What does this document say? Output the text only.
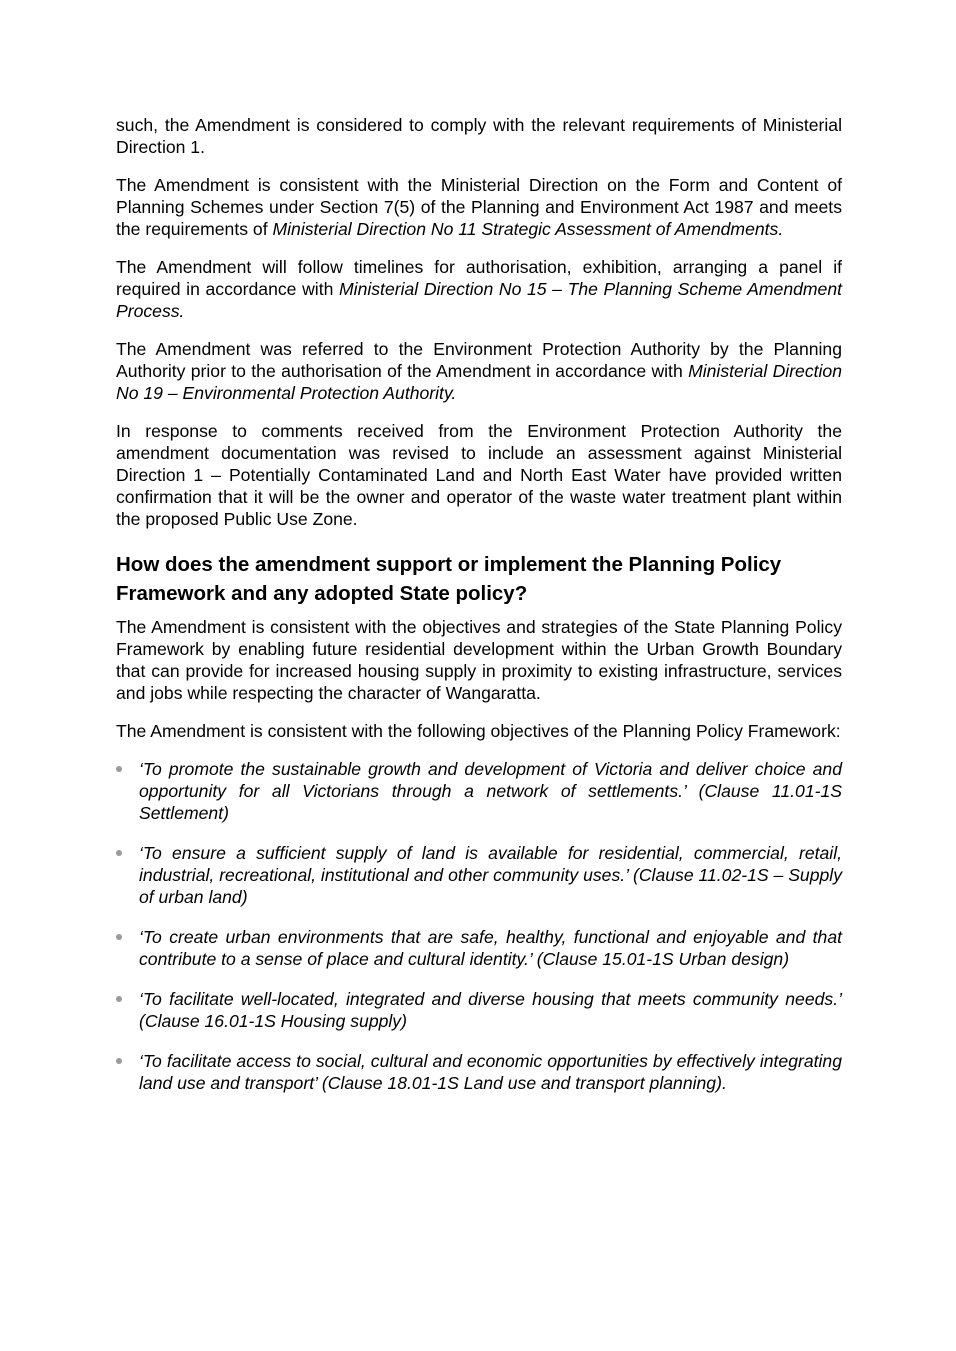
such, the Amendment is considered to comply with the relevant requirements of Ministerial Direction 1.

The Amendment is consistent with the Ministerial Direction on the Form and Content of Planning Schemes under Section 7(5) of the Planning and Environment Act 1987 and meets the requirements of Ministerial Direction No 11 Strategic Assessment of Amendments.

The Amendment will follow timelines for authorisation, exhibition, arranging a panel if required in accordance with Ministerial Direction No 15 – The Planning Scheme Amendment Process.

The Amendment was referred to the Environment Protection Authority by the Planning Authority prior to the authorisation of the Amendment in accordance with Ministerial Direction No 19 – Environmental Protection Authority.

In response to comments received from the Environment Protection Authority the amendment documentation was revised to include an assessment against Ministerial Direction 1 – Potentially Contaminated Land and North East Water have provided written confirmation that it will be the owner and operator of the waste water treatment plant within the proposed Public Use Zone.

How does the amendment support or implement the Planning Policy Framework and any adopted State policy?

The Amendment is consistent with the objectives and strategies of the State Planning Policy Framework by enabling future residential development within the Urban Growth Boundary that can provide for increased housing supply in proximity to existing infrastructure, services and jobs while respecting the character of Wangaratta.

The Amendment is consistent with the following objectives of the Planning Policy Framework:

‘To promote the sustainable growth and development of Victoria and deliver choice and opportunity for all Victorians through a network of settlements.’ (Clause 11.01-1S Settlement)
‘To ensure a sufficient supply of land is available for residential, commercial, retail, industrial, recreational, institutional and other community uses.’ (Clause 11.02-1S – Supply of urban land)
‘To create urban environments that are safe, healthy, functional and enjoyable and that contribute to a sense of place and cultural identity.’ (Clause 15.01-1S Urban design)
‘To facilitate well-located, integrated and diverse housing that meets community needs.’ (Clause 16.01-1S Housing supply)
‘To facilitate access to social, cultural and economic opportunities by effectively integrating land use and transport’ (Clause 18.01-1S Land use and transport planning).
